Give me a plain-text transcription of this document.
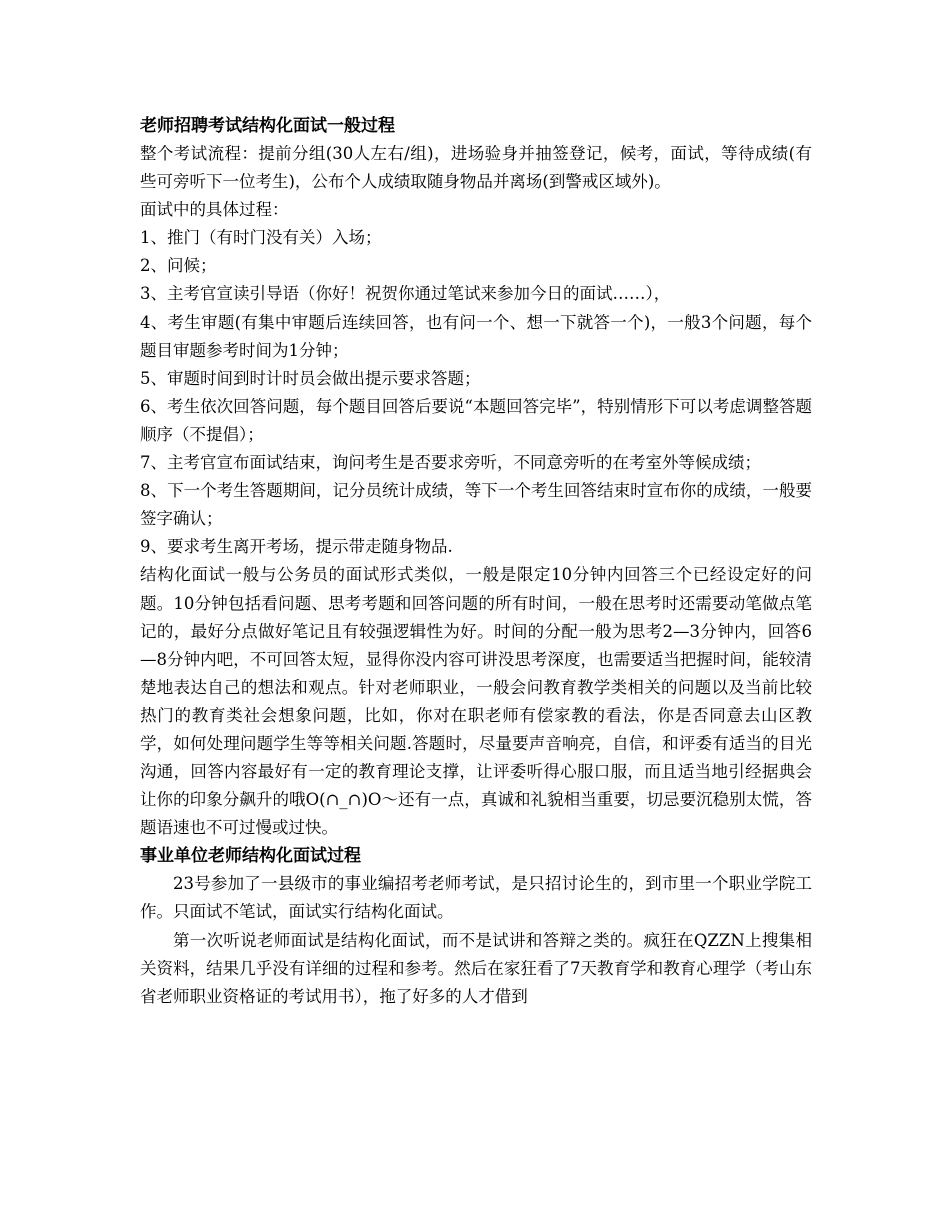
老师招聘考试结构化面试一般过程

整个考试流程：提前分组(30人左右/组)，进场验身并抽签登记，候考，面试，等待成绩(有些可旁听下一位考生)，公布个人成绩取随身物品并离场(到警戒区域外)。

面试中的具体过程：

1、推门（有时门没有关）入场；
2、问候；
3、主考官宣读引导语（你好！祝贺你通过笔试来参加今日的面试……），
4、考生审题(有集中审题后连续回答，也有问一个、想一下就答一个)，一般3个问题，每个题目审题参考时间为1分钟；
5、审题时间到时计时员会做出提示要求答题；
6、考生依次回答问题，每个题目回答后要说“本题回答完毕”，特别情形下可以考虑调整答题顺序（不提倡）；
7、主考官宣布面试结束，询问考生是否要求旁听，不同意旁听的在考室外等候成绩；
8、下一个考生答题期间，记分员统计成绩，等下一个考生回答结束时宣布你的成绩，一般要签字确认；
9、要求考生离开考场，提示带走随身物品.

结构化面试一般与公务员的面试形式类似，一般是限定10分钟内回答三个已经设定好的问题。10分钟包括看问题、思考考题和回答问题的所有时间，一般在思考时还需要动笔做点笔记的，最好分点做好笔记且有较强逻辑性为好。时间的分配一般为思考2—3分钟内，回答6—8分钟内吧，不可回答太短，显得你没内容可讲没思考深度，也需要适当把握时间，能较清楚地表达自己的想法和观点。针对老师职业，一般会问教育教学类相关的问题以及当前比较热门的教育类社会想象问题，比如，你对在职老师有偿家教的看法，你是否同意去山区教学，如何处理问题学生等等相关问题.答题时，尽量要声音响亮，自信，和评委有适当的目光沟通，回答内容最好有一定的教育理论支撑，让评委听得心服口服，而且适当地引经据典会让你的印象分飙升的哦O(∩_∩)O～还有一点，真诚和礼貌相当重要，切忌要沉稳别太慌，答题语速也不可过慢或过快。

事业单位老师结构化面试过程

23号参加了一县级市的事业编招考老师考试，是只招讨论生的，到市里一个职业学院工作。只面试不笔试，面试实行结构化面试。

第一次听说老师面试是结构化面试，而不是试讲和答辩之类的。疯狂在QZZN上搜集相关资料，结果几乎没有详细的过程和参考。然后在家狂看了7天教育学和教育心理学（考山东省老师职业资格证的考试用书），拖了好多的人才借到
